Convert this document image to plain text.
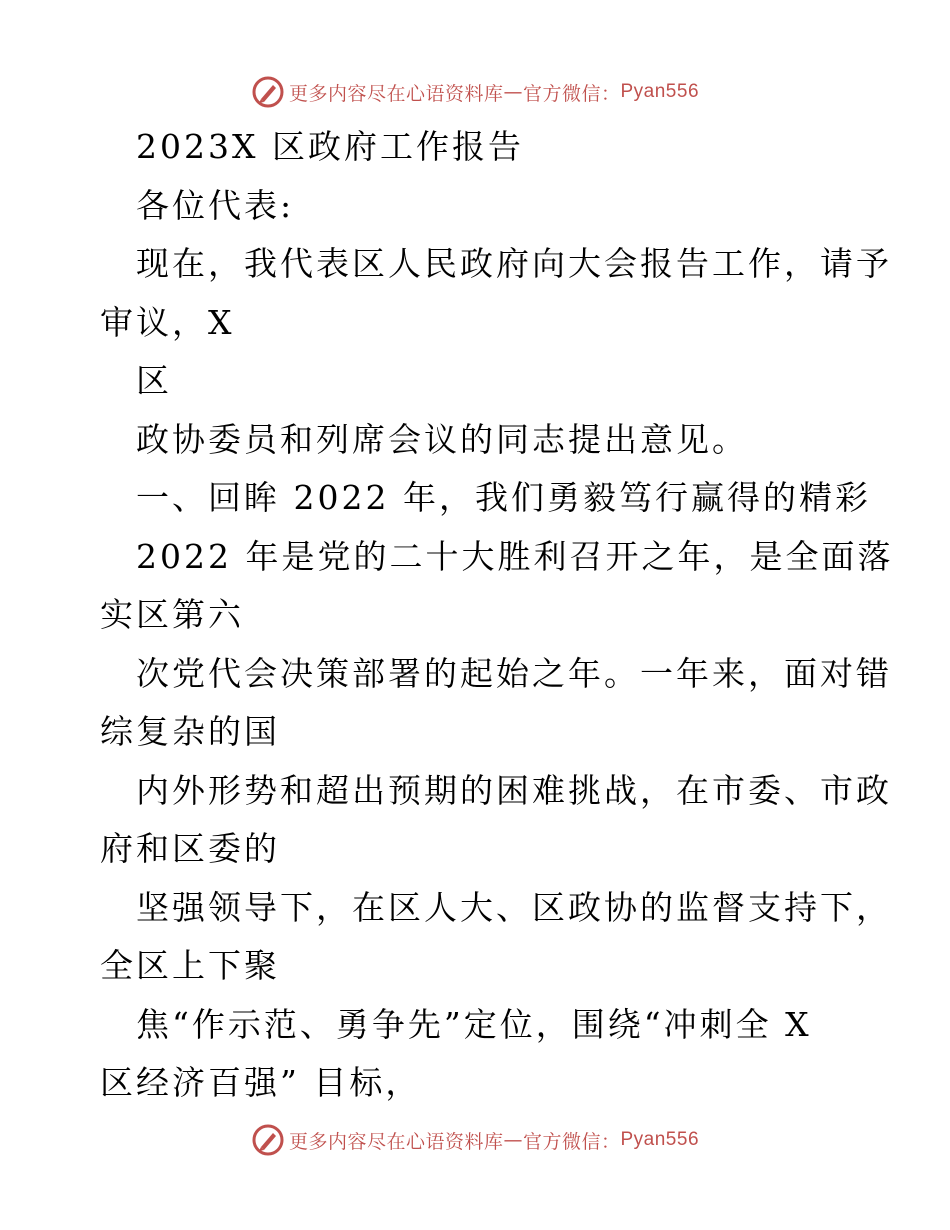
更多内容尽在心语资料库 — 官方微信： Pyan556
2023X 区政府工作报告
各位代表:
现在，我代表区人民政府向大会报告工作，请予
审议，X
区
政协委员和列席会议的同志提出意见。
一、回眸 2022 年，我们勇毅笃行赢得的精彩
2022 年是党的二十大胜利召开之年，是全面落
实区第六
次党代会决策部署的起始之年。一年来，面对错
综复杂的国
内外形势和超出预期的困难挑战，在市委、市政
府和区委的
坚强领导下，在区人大、区政协的监督支持下，
全区上下聚
焦“作示范、勇争先”定位，围绕“冲刺全 X
区经济百强” 目标，
更多内容尽在心语资料库 — 官方微信： Pyan556
